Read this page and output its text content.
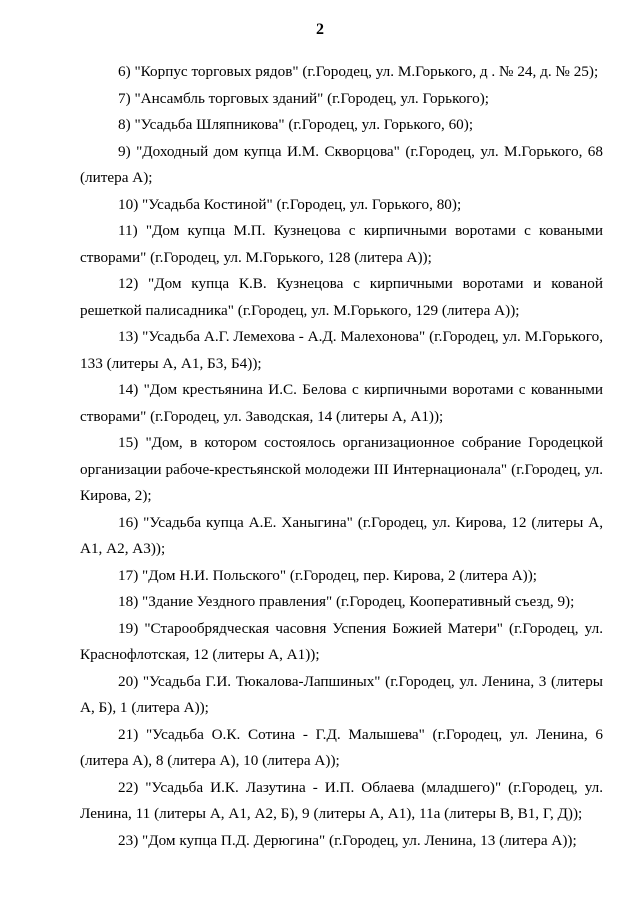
2

6) "Корпус торговых рядов" (г.Городец, ул. М.Горького, д . № 24, д. № 25);

7) "Ансамбль торговых зданий" (г.Городец, ул. Горького);

8) "Усадьба Шляпникова" (г.Городец, ул. Горького, 60);

9) "Доходный дом купца И.М. Скворцова" (г.Городец, ул. М.Горького, 68 (литера А);

10) "Усадьба Костиной" (г.Городец, ул. Горького, 80);

11) "Дом купца М.П. Кузнецова с кирпичными воротами с коваными створами" (г.Городец, ул. М.Горького, 128 (литера А));

12) "Дом купца К.В. Кузнецова с кирпичными воротами и кованой решеткой палисадника" (г.Городец, ул. М.Горького, 129 (литера А));

13) "Усадьба А.Г. Лемехова - А.Д. Малехонова" (г.Городец, ул. М.Горького, 133 (литеры А, А1, Б3, Б4));

14) "Дом крестьянина И.С. Белова с кирпичными воротами с кованными створами" (г.Городец, ул. Заводская, 14 (литеры А, А1));

15) "Дом, в котором состоялось организационное собрание Городецкой организации рабоче-крестьянской молодежи III Интернационала" (г.Городец, ул. Кирова, 2);

16) "Усадьба купца А.Е. Ханыгина" (г.Городец, ул. Кирова, 12 (литеры А, А1, А2, А3));

17) "Дом Н.И. Польского" (г.Городец, пер. Кирова, 2 (литера А));

18) "Здание Уездного правления" (г.Городец, Кооперативный съезд, 9);

19) "Старообрядческая часовня Успения Божией Матери" (г.Городец, ул. Краснофлотская, 12 (литеры А, А1));

20) "Усадьба Г.И. Тюкалова-Лапшиных" (г.Городец, ул. Ленина, 3 (литеры А, Б), 1 (литера А));

21) "Усадьба О.К. Сотина - Г.Д. Малышева" (г.Городец, ул. Ленина, 6 (литера А), 8 (литера А), 10 (литера А));

22) "Усадьба И.К. Лазутина - И.П. Облаева (младшего)" (г.Городец, ул. Ленина, 11 (литеры А, А1, А2, Б), 9 (литеры А, А1), 11а (литеры В, В1, Г, Д));

23) "Дом купца П.Д. Дерюгина" (г.Городец, ул. Ленина, 13 (литера А));
